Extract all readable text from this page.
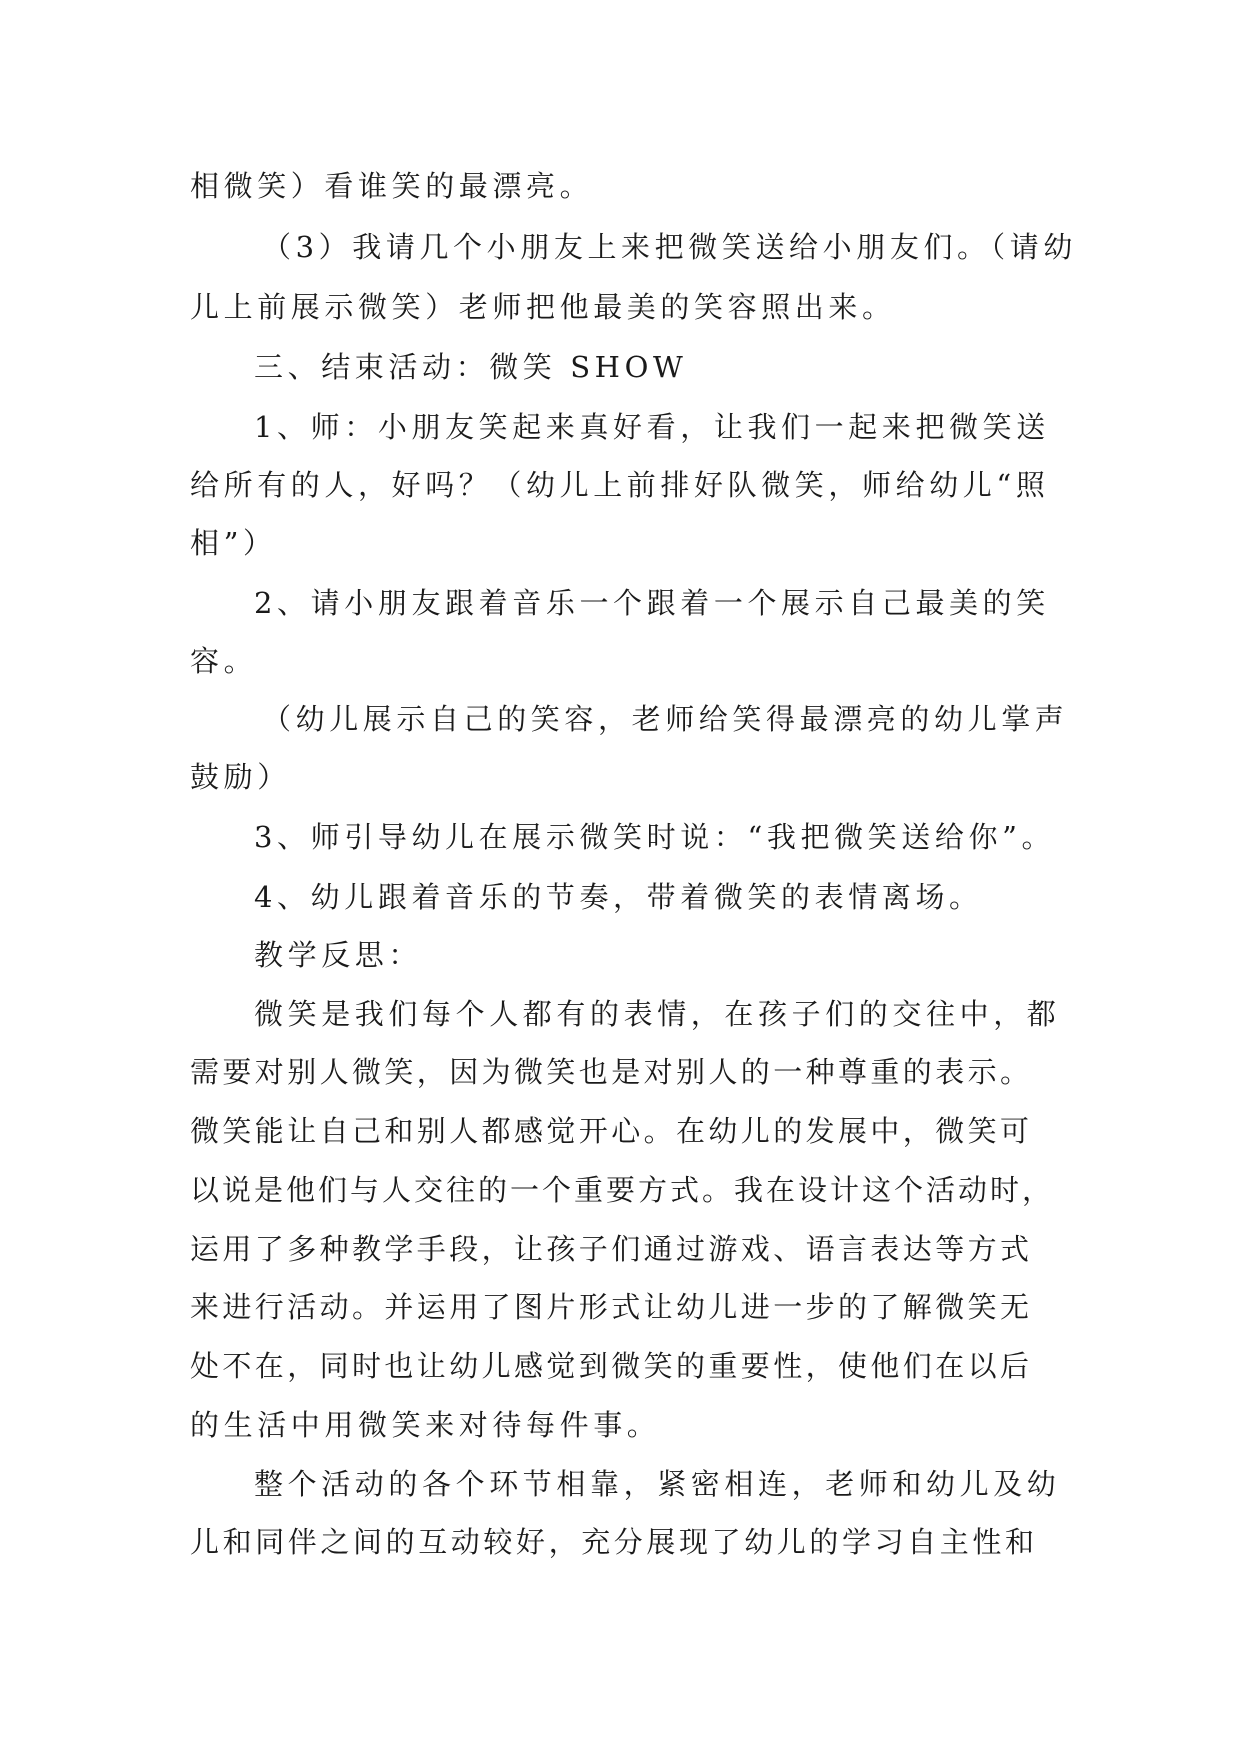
相微笑）看谁笑的最漂亮。
（3）我请几个小朋友上来把微笑送给小朋友们。（请幼
儿上前展示微笑）老师把他最美的笑容照出来。
三、结束活动：微笑 SHOW
1、师：小朋友笑起来真好看，让我们一起来把微笑送
给所有的人，好吗？（幼儿上前排好队微笑，师给幼儿“照
相”）
2、请小朋友跟着音乐一个跟着一个展示自己最美的笑
容。
（幼儿展示自己的笑容，老师给笑得最漂亮的幼儿掌声
鼓励）
3、师引导幼儿在展示微笑时说：“我把微笑送给你”。
4、幼儿跟着音乐的节奏，带着微笑的表情离场。
教学反思：
微笑是我们每个人都有的表情，在孩子们的交往中，都
需要对别人微笑，因为微笑也是对别人的一种尊重的表示。
微笑能让自己和别人都感觉开心。在幼儿的发展中，微笑可
以说是他们与人交往的一个重要方式。我在设计这个活动时，
运用了多种教学手段，让孩子们通过游戏、语言表达等方式
来进行活动。并运用了图片形式让幼儿进一步的了解微笑无
处不在，同时也让幼儿感觉到微笑的重要性，使他们在以后
的生活中用微笑来对待每件事。
整个活动的各个环节相靠，紧密相连，老师和幼儿及幼
儿和同伴之间的互动较好，充分展现了幼儿的学习自主性和
